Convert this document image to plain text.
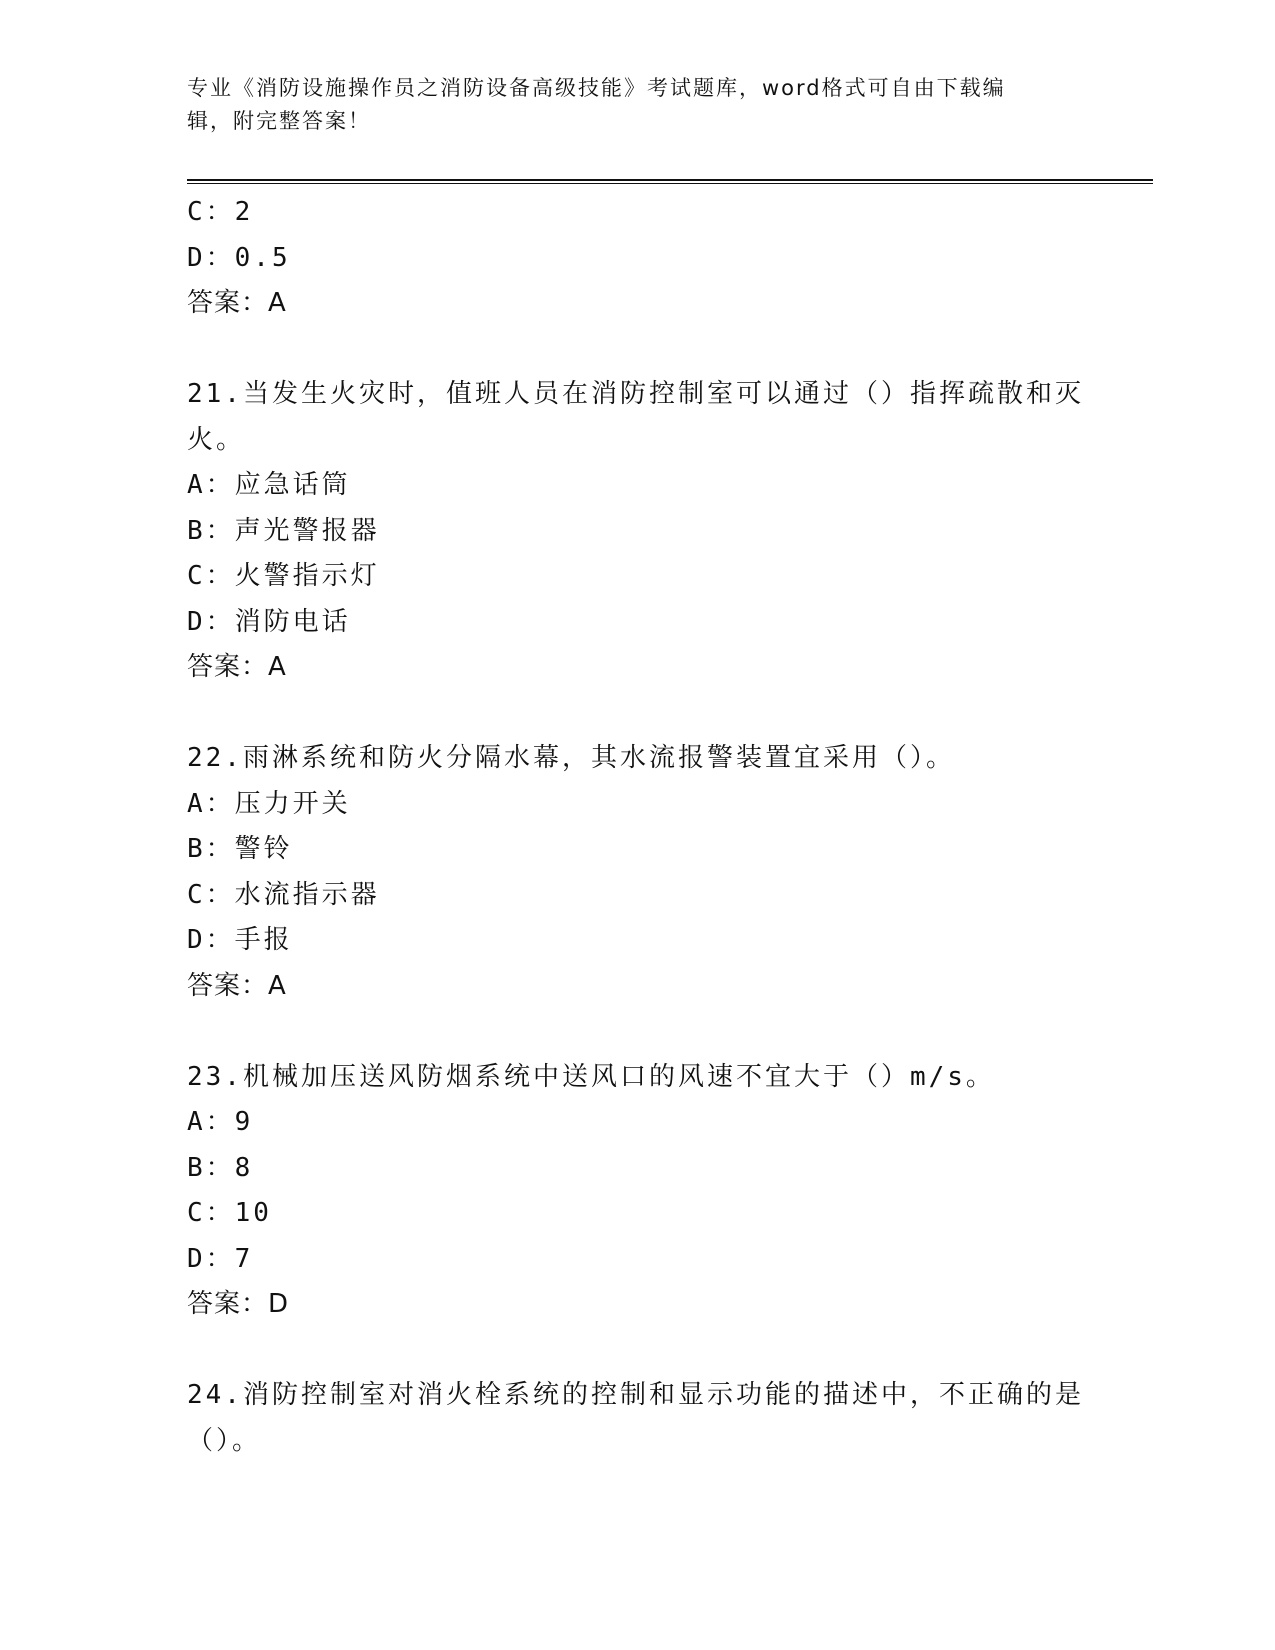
专业《消防设施操作员之消防设备高级技能》考试题库，word格式可自由下载编
辑，附完整答案！
C：2
D：0.5
答案：A
21.当发生火灾时，值班人员在消防控制室可以通过（）指挥疏散和灭
火。
A：应急话筒
B：声光警报器
C：火警指示灯
D：消防电话
答案：A
22.雨淋系统和防火分隔水幕，其水流报警装置宜采用（）。
A：压力开关
B：警铃
C：水流指示器
D：手报
答案：A
23.机械加压送风防烟系统中送风口的风速不宜大于（）m/s。
A：9
B：8
C：10
D：7
答案：D
24.消防控制室对消火栓系统的控制和显示功能的描述中，不正确的是
（）。
